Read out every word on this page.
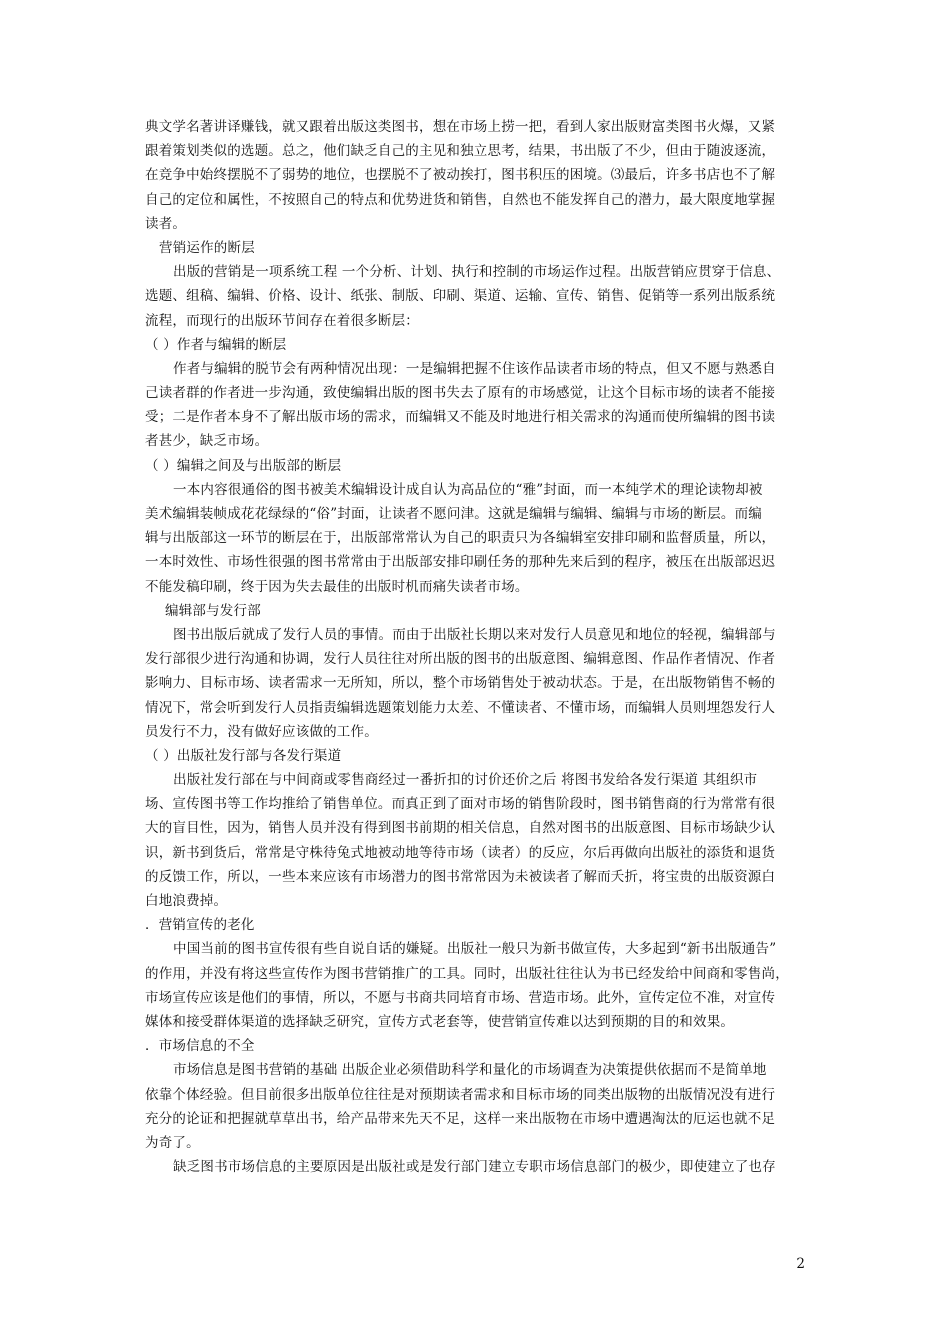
典文学名著讲译赚钱，就又跟着出版这类图书，想在市场上捞一把，看到人家出版财富类图书火爆，又紧
跟着策划类似的选题。总之，他们缺乏自己的主见和独立思考，结果，书出版了不少，但由于随波逐流，
在竞争中始终摆脱不了弱势的地位，也摆脱不了被动挨打，图书积压的困境。⑶最后，许多书店也不了解
自己的定位和属性，不按照自己的特点和优势进货和销售，自然也不能发挥自己的潜力，最大限度地掌握
读者。
营销运作的断层
出版的营销是一项系统工程 一个分析、计划、执行和控制的市场运作过程。出版营销应贯穿于信息、
选题、组稿、编辑、价格、设计、纸张、制版、印刷、渠道、运输、宣传、销售、促销等一系列出版系统
流程，而现行的出版环节间存在着很多断层：
（ ）作者与编辑的断层
作者与编辑的脱节会有两种情况出现：一是编辑把握不住该作品读者市场的特点，但又不愿与熟悉自
己读者群的作者进一步沟通，致使编辑出版的图书失去了原有的市场感觉，让这个目标市场的读者不能接
受；二是作者本身不了解出版市场的需求，而编辑又不能及时地进行相关需求的沟通而使所编辑的图书读
者甚少，缺乏市场。
（ ）编辑之间及与出版部的断层
一本内容很通俗的图书被美术编辑设计成自认为高品位的“雅”封面，而一本纯学术的理论读物却被
美术编辑装帧成花花绿绿的“俗”封面，让读者不愿问津。这就是编辑与编辑、编辑与市场的断层。而编
辑与出版部这一环节的断层在于，出版部常常认为自己的职责只为各编辑室安排印刷和监督质量，所以，
一本时效性、市场性很强的图书常常由于出版部安排印刷任务的那种先来后到的程序，被压在出版部迟迟
不能发稿印刷，终于因为失去最佳的出版时机而痛失读者市场。
编辑部与发行部
图书出版后就成了发行人员的事情。而由于出版社长期以来对发行人员意见和地位的轻视，编辑部与
发行部很少进行沟通和协调，发行人员往往对所出版的图书的出版意图、编辑意图、作品作者情况、作者
影响力、目标市场、读者需求一无所知，所以，整个市场销售处于被动状态。于是，在出版物销售不畅的
情况下，常会听到发行人员指责编辑选题策划能力太差、不懂读者、不懂市场，而编辑人员则埋怨发行人
员发行不力，没有做好应该做的工作。
（ ）出版社发行部与各发行渠道
出版社发行部在与中间商或零售商经过一番折扣的讨价还价之后 将图书发给各发行渠道 其组织市
场、宣传图书等工作均推给了销售单位。而真正到了面对市场的销售阶段时，图书销售商的行为常常有很
大的盲目性，因为，销售人员并没有得到图书前期的相关信息，自然对图书的出版意图、目标市场缺少认
识，新书到货后，常常是守株待兔式地被动地等待市场（读者）的反应，尔后再做向出版社的添货和退货
的反馈工作，所以，一些本来应该有市场潜力的图书常常因为未被读者了解而夭折，将宝贵的出版资源白
白地浪费掉。
．营销宣传的老化
中国当前的图书宣传很有些自说自话的嫌疑。出版社一般只为新书做宣传，大多起到“新书出版通告”
的作用，并没有将这些宣传作为图书营销推广的工具。同时，出版社往往认为书已经发给中间商和零售尚，
市场宣传应该是他们的事情，所以，不愿与书商共同培育市场、营造市场。此外，宣传定位不准，对宣传
媒体和接受群体渠道的选择缺乏研究，宣传方式老套等，使营销宣传难以达到预期的目的和效果。
．市场信息的不全
市场信息是图书营销的基础 出版企业必须借助科学和量化的市场调查为决策提供依据而不是简单地
依靠个体经验。但目前很多出版单位往往是对预期读者需求和目标市场的同类出版物的出版情况没有进行
充分的论证和把握就草草出书，给产品带来先天不足，这样一来出版物在市场中遭遇淘汰的厄运也就不足
为奇了。
缺乏图书市场信息的主要原因是出版社或是发行部门建立专职市场信息部门的极少，即使建立了也存
2
